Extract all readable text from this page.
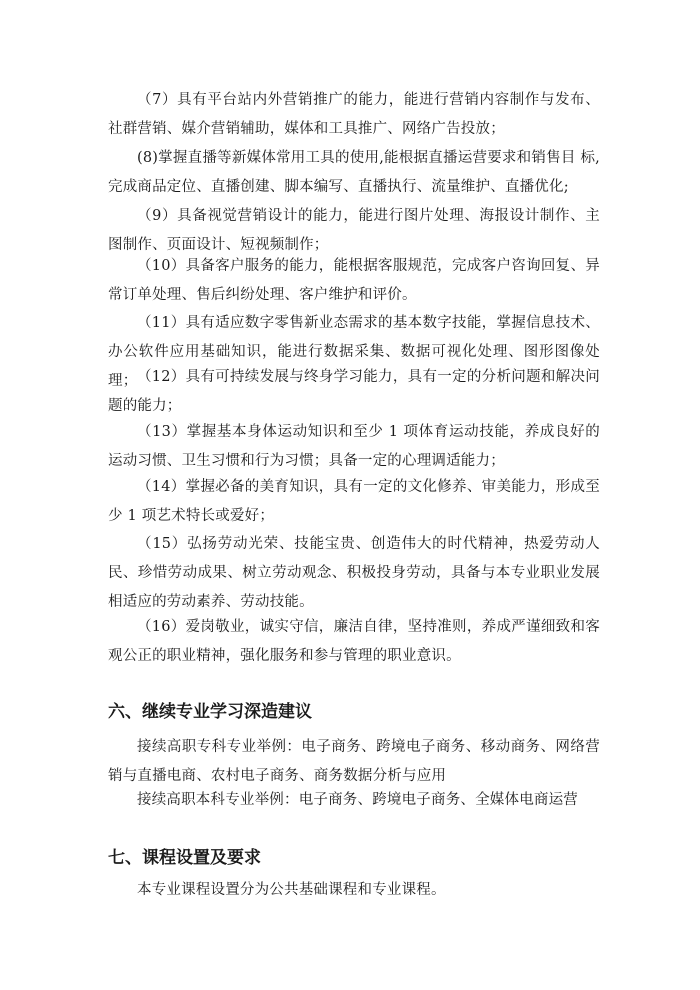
（7）具有平台站内外营销推广的能力，能进行营销内容制作与发布、社群营销、媒介营销辅助，媒体和工具推广、网络广告投放；

(8)掌握直播等新媒体常用工具的使用,能根据直播运营要求和销售目 标,完成商品定位、直播创建、脚本编写、直播执行、流量维护、直播优化;

（9）具备视觉营销设计的能力，能进行图片处理、海报设计制作、主图制作、页面设计、短视频制作；

（10）具备客户服务的能力，能根据客服规范，完成客户咨询回复、异常订单处理、售后纠纷处理、客户维护和评价。

（11）具有适应数字零售新业态需求的基本数字技能，掌握信息技术、办公软件应用基础知识，能进行数据采集、数据可视化处理、图形图像处理； （12）具有可持续发展与终身学习能力，具有一定的分析问题和解决问题的能力；

（13）掌握基本身体运动知识和至少 1 项体育运动技能，养成良好的运动习惯、卫生习惯和行为习惯；具备一定的心理调适能力；

（14）掌握必备的美育知识，具有一定的文化修养、审美能力，形成至少 1 项艺术特长或爱好；

（15）弘扬劳动光荣、技能宝贵、创造伟大的时代精神，热爱劳动人民、珍惜劳动成果、树立劳动观念、积极投身劳动，具备与本专业职业发展相适应的劳动素养、劳动技能。

（16）爱岗敬业，诚实守信，廉洁自律，坚持准则，养成严谨细致和客观公正的职业精神，强化服务和参与管理的职业意识。

六、继续专业学习深造建议

接续高职专科专业举例：电子商务、跨境电子商务、移动商务、网络营销与直播电商、农村电子商务、商务数据分析与应用

接续高职本科专业举例：电子商务、跨境电子商务、全媒体电商运营

七、课程设置及要求

本专业课程设置分为公共基础课程和专业课程。
